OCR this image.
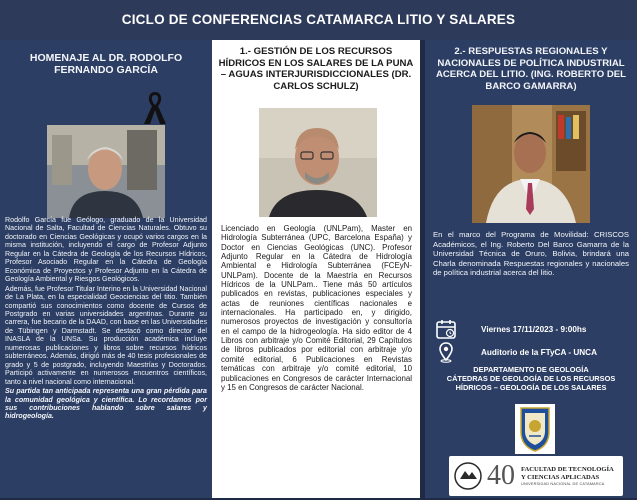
CICLO DE CONFERENCIAS CATAMARCA LITIO Y SALARES
HOMENAJE AL DR. RODOLFO FERNANDO GARCÍA

Rodolfo García fue Geólogo, graduado de la Universidad Nacional de Salta, Facultad de Ciencias Naturales. Obtuvo su doctorado en Ciencias Geológicas y ocupó varios cargos en la misma institución, incluyendo el cargo de Profesor Adjunto Regular en la Cátedra de Geología de los Recursos Hídricos, Profesor Asociado Regular en la Cátedra de Geología Económica de Proyectos y Profesor Adjunto en la Cátedra de Geología Ambiental y Riesgos Geológicos.

Además, fue Profesor Titular Interino en la Universidad Nacional de La Plata, en la especialidad Geociencias del titio. También compartió sus conocimientos como docente de Cursos de Postgrado en varias universidades argentinas. Durante su carrera, fue becario de la DAAD, con base en las Universidades de Tübingen y Darmstadt. Se destacó como director del INASLA de la UNSa. Su producción académica incluye numerosas publicaciones y libros sobre recursos hídricos subterráneos. Además, dirigió más de 40 tesis profesionales de grado y 5 de postgrado, incluyendo Maestrías y Doctorados. Participó activamente en numerosos encuentros científicos, tanto a nivel nacional como internacional.

Su partida tan anticipada representa una gran pérdida para la comunidad geológica y científica. Lo recordamos por sus contribuciones hablando sobre salares y hidrogeología.

1.- GESTIÓN DE LOS RECURSOS HÍDRICOS EN LOS SALARES DE LA PUNA – AGUAS INTERJURISDICCIONALES (DR. CARLOS SCHULZ)
Licenciado en Geología (UNLPam), Master en Hidrología Subterránea (UPC, Barcelona España) y Doctor en Ciencias Geológicas (UNC). Profesor Adjunto Regular en la Cátedra de Hidrología Ambiental e Hidrología Subterránea (FCEyN-UNLPam). Docente de la Maestría en Recursos Hídricos de la UNLPam.. Tiene más 50 artículos publicados en revistas, publicaciones especiales y actas de reuniones científicas nacionales e internacionales. Ha participado en, y dirigido, numerosos proyectos de investigación y consultoría en el campo de la hidrogeología. Ha sido editor de 4 Libros con arbitraje y/o Comité Editorial, 29 Capítulos de libros publicados por editorial con arbitraje y/o comité editorial, 6 Publicaciones en Revistas temáticas con arbitraje y/o comité editorial, 10 publicaciones en Congresos de carácter Internacional y 15 en Congresos de carácter Nacional.
2.- RESPUESTAS REGIONALES Y NACIONALES DE POLÍTICA INDUSTRIAL ACERCA DEL LITIO. (ING. ROBERTO DEL BARCO GAMARRA)
En el marco del Programa de Movilidad: CRISCOS Académicos, el Ing. Roberto Del Barco Gamarra de la Universidad Técnica de Oruro, Bolivia, brindará una Charla denominada Respuestas regionales y nacionales de política industrial acerca del litio.
Viernes 17/11/2023 - 9:00hs
Auditorio de la FTyCA - UNCA
DEPARTAMENTO DE GEOLOGÍA
CÁTEDRAS DE GEOLOGÍA DE LOS RECURSOS HÍDRICOS – GEOLOGÍA DE LOS SALARES
40 FACULTAD DE TECNOLOGÍA
Y CIENCIAS APLICADAS
UNIVERSIDAD NACIONAL DE CATAMARCA
